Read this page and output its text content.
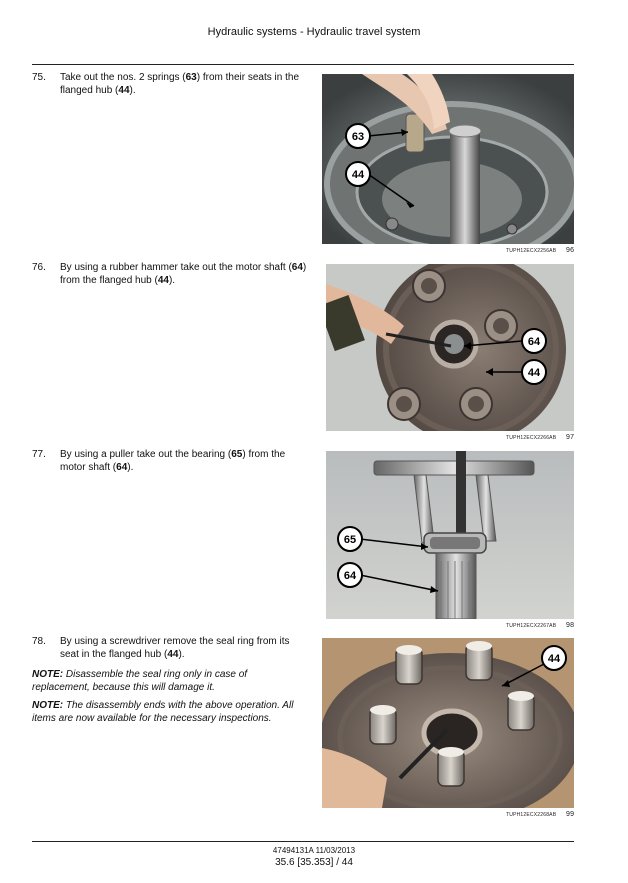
Hydraulic systems - Hydraulic travel system
75.	Take out the nos. 2 springs (63) from their seats in the flanged hub (44).
63
44
TUPH12ECX2256AB 96
76.	By using a rubber hammer take out the motor shaft (64) from the flanged hub (44).
64
44
TUPH12ECX2266AB 97
77.	By using a puller take out the bearing (65) from the motor shaft (64).
65
64
TUPH12ECX2267AB 98
78.	By using a screwdriver remove the seal ring from its seat in the flanged hub (44).
NOTE: Disassemble the seal ring only in case of replacement, because this will damage it.
NOTE: The disassembly ends with the above operation. All items are now available for the necessary inspections.
44
TUPH12ECX2268AB 99
47494131A 11/03/2013
35.6 [35.353] / 44
